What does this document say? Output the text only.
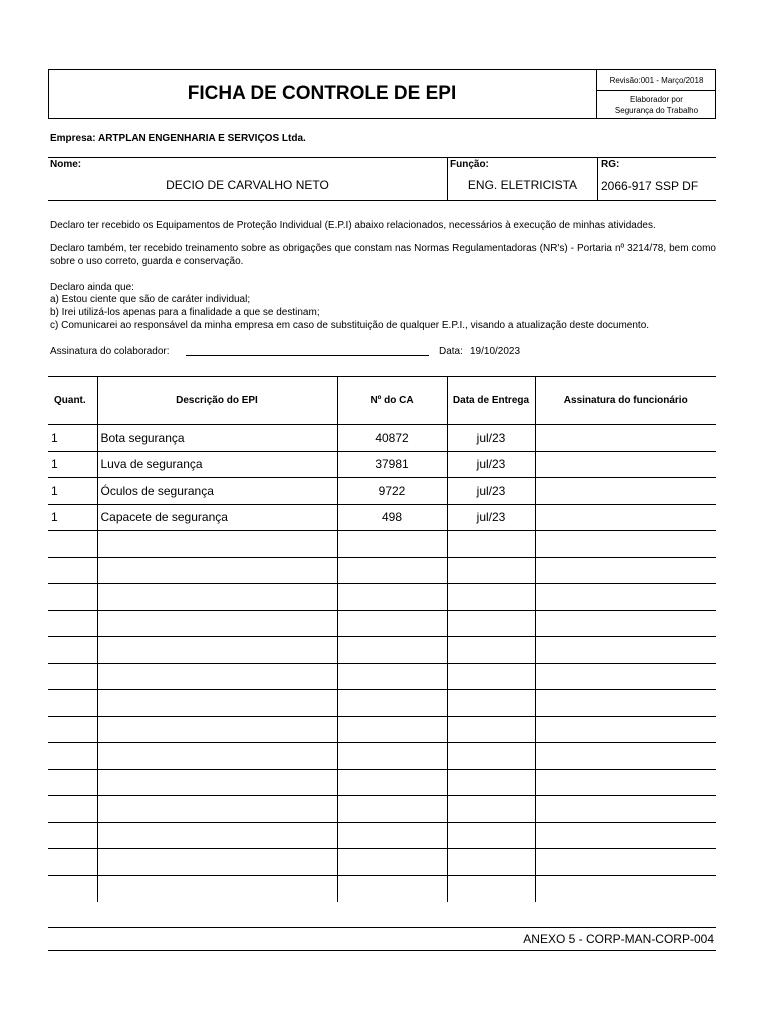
FICHA DE CONTROLE DE EPI
Revisão:001 - Março/2018
Elaborador por
Segurança do Trabalho
Empresa: ARTPLAN ENGENHARIA E SERVIÇOS Ltda.
Nome:
DECIO DE CARVALHO NETO
Função:
ENG. ELETRICISTA
RG:
2066-917 SSP DF
Declaro ter recebido os Equipamentos de Proteção Individual (E.P.I) abaixo relacionados, necessários à execução de minhas atividades.
Declaro também, ter recebido treinamento sobre as obrigações que constam nas Normas Regulamentadoras (NR's) - Portaria nº 3214/78, bem como sobre o uso correto, guarda e conservação.
Declaro ainda que:
a) Estou ciente que são de caráter individual;
b) Irei utilizá-los apenas para a finalidade a que se destinam;
c) Comunicarei ao responsável da minha empresa em caso de substituição de qualquer E.P.I., visando a atualização deste documento.
Assinatura do colaborador:	Data: 19/10/2023
Quant.	Descrição do EPI	Nº do CA	Data de Entrega	Assinatura do funcionário
1	Bota segurança	40872	jul/23	
1	Luva de segurança	37981	jul/23	
1	Óculos de segurança	9722	jul/23	
1	Capacete de segurança	498	jul/23	

ANEXO 5 - CORP-MAN-CORP-004
